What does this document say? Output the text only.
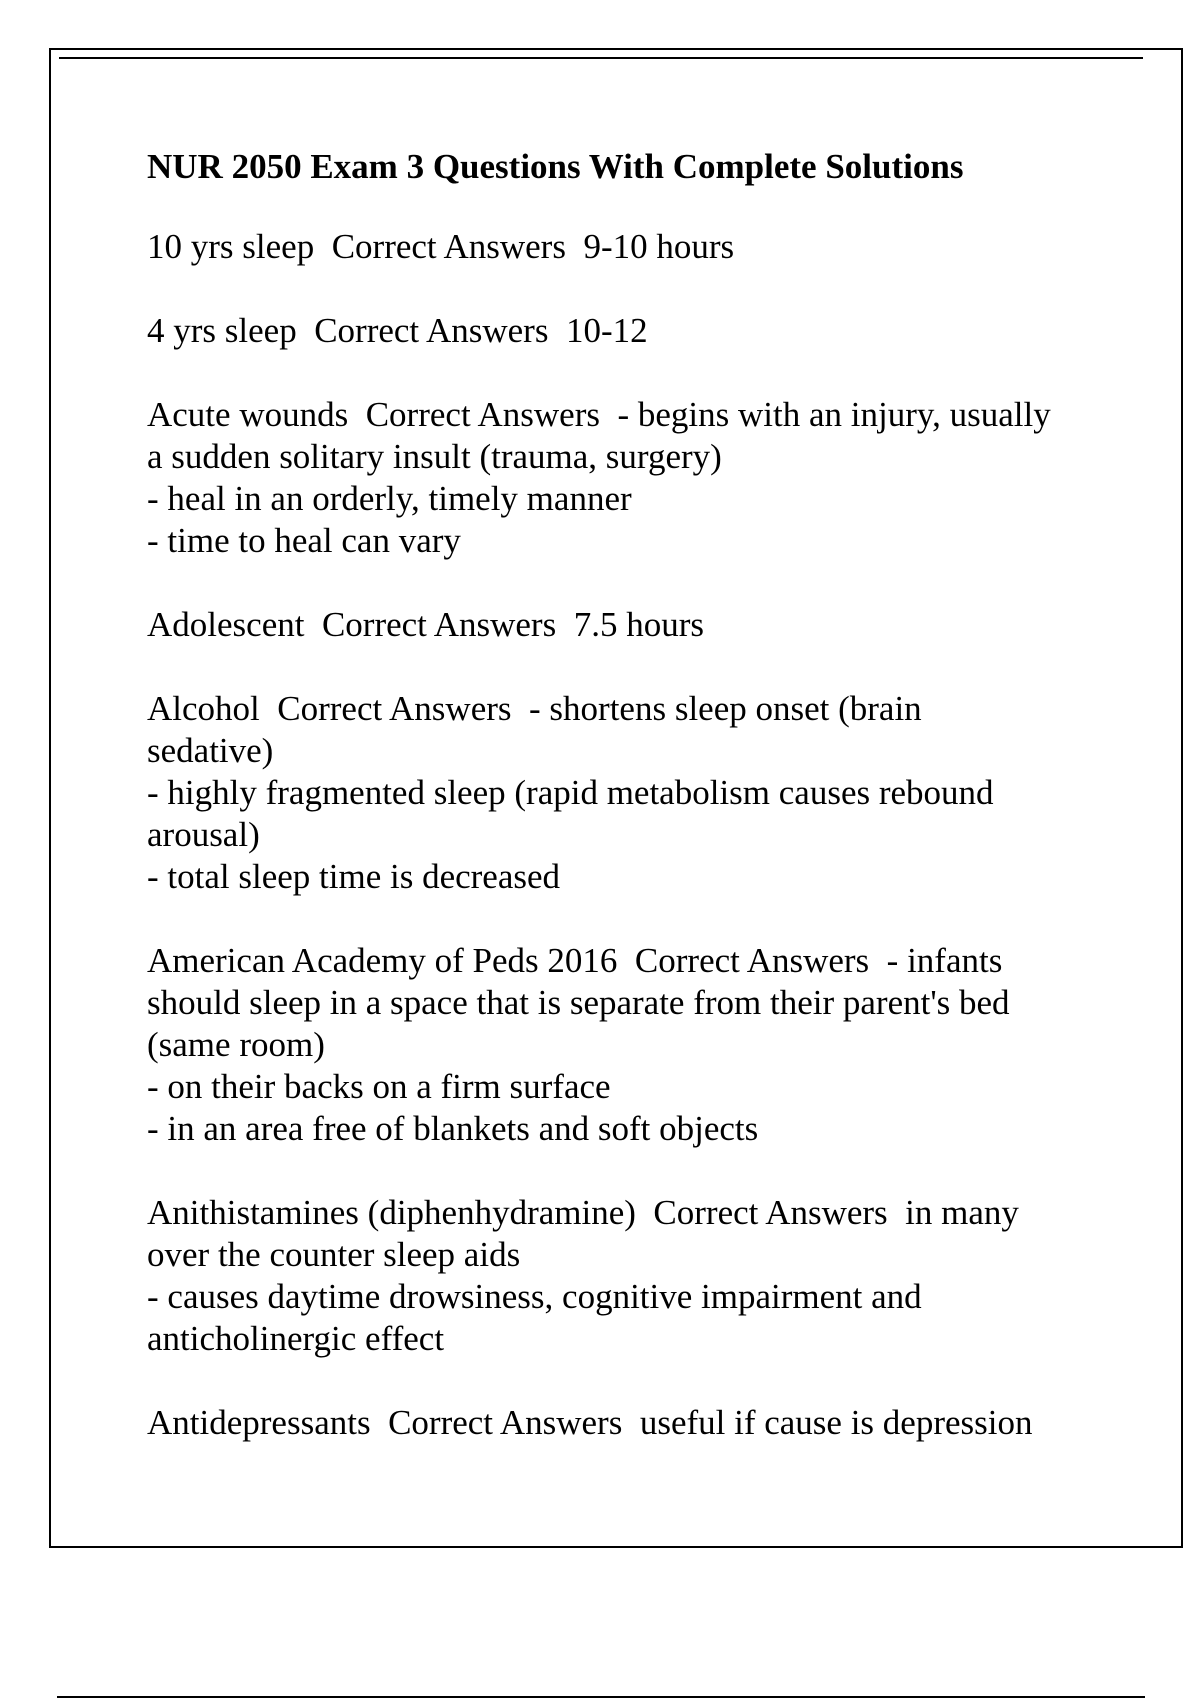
NUR 2050 Exam 3 Questions With Complete Solutions
10 yrs sleep  Correct Answers  9-10 hours
4 yrs sleep  Correct Answers  10-12
Acute wounds  Correct Answers  - begins with an injury, usually
a sudden solitary insult (trauma, surgery)
- heal in an orderly, timely manner
- time to heal can vary
Adolescent  Correct Answers  7.5 hours
Alcohol  Correct Answers  - shortens sleep onset (brain
sedative)
- highly fragmented sleep (rapid metabolism causes rebound
arousal)
- total sleep time is decreased
American Academy of Peds 2016  Correct Answers  - infants
should sleep in a space that is separate from their parent's bed
(same room)
- on their backs on a firm surface
- in an area free of blankets and soft objects
Anithistamines (diphenhydramine)  Correct Answers  in many
over the counter sleep aids
- causes daytime drowsiness, cognitive impairment and
anticholinergic effect
Antidepressants  Correct Answers  useful if cause is depression
